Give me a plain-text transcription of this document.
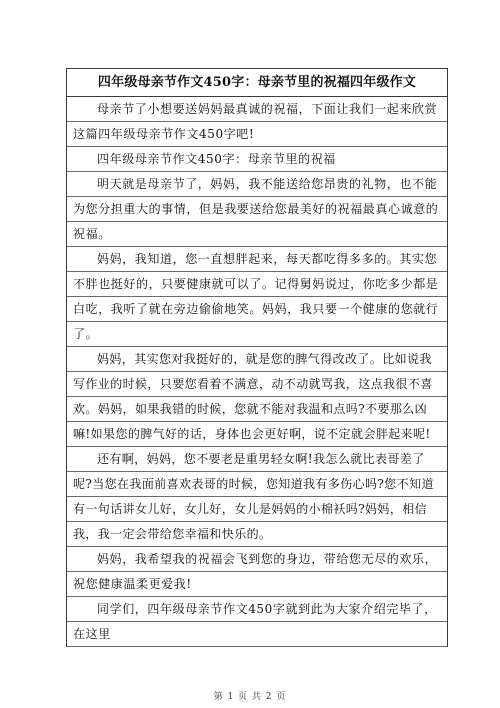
四年级母亲节作文450字：母亲节里的祝福四年级作文
母亲节了小想要送妈妈最真诚的祝福，下面让我们一起来欣赏这篇四年级母亲节作文450字吧!
四年级母亲节作文450字：母亲节里的祝福
明天就是母亲节了，妈妈，我不能送给您昂贵的礼物，也不能为您分担重大的事情，但是我要送给您最美好的祝福最真心诚意的祝福。
妈妈，我知道，您一直想胖起来，每天都吃得多多的。其实您不胖也挺好的，只要健康就可以了。记得舅妈说过，你吃多少都是白吃，我听了就在旁边偷偷地笑。妈妈，我只要一个健康的您就行了。
妈妈，其实您对我挺好的，就是您的脾气得改改了。比如说我写作业的时候，只要您看着不满意，动不动就骂我，这点我很不喜欢。妈妈，如果我错的时候，您就不能对我温和点吗?不要那么凶嘛!如果您的脾气好的话，身体也会更好啊，说不定就会胖起来呢!
还有啊，妈妈，您不要老是重男轻女啊!我怎么就比表哥差了呢?当您在我面前喜欢表哥的时候，您知道我有多伤心吗?您不知道有一句话讲女儿好，女儿好，女儿是妈妈的小棉袄吗?妈妈，相信我，我一定会带给您幸福和快乐的。
妈妈，我希望我的祝福会飞到您的身边，带给您无尽的欢乐，祝您健康温柔更爱我!
同学们，四年级母亲节作文450字就到此为大家介绍完毕了，在这里
第 1 页 共 2 页
